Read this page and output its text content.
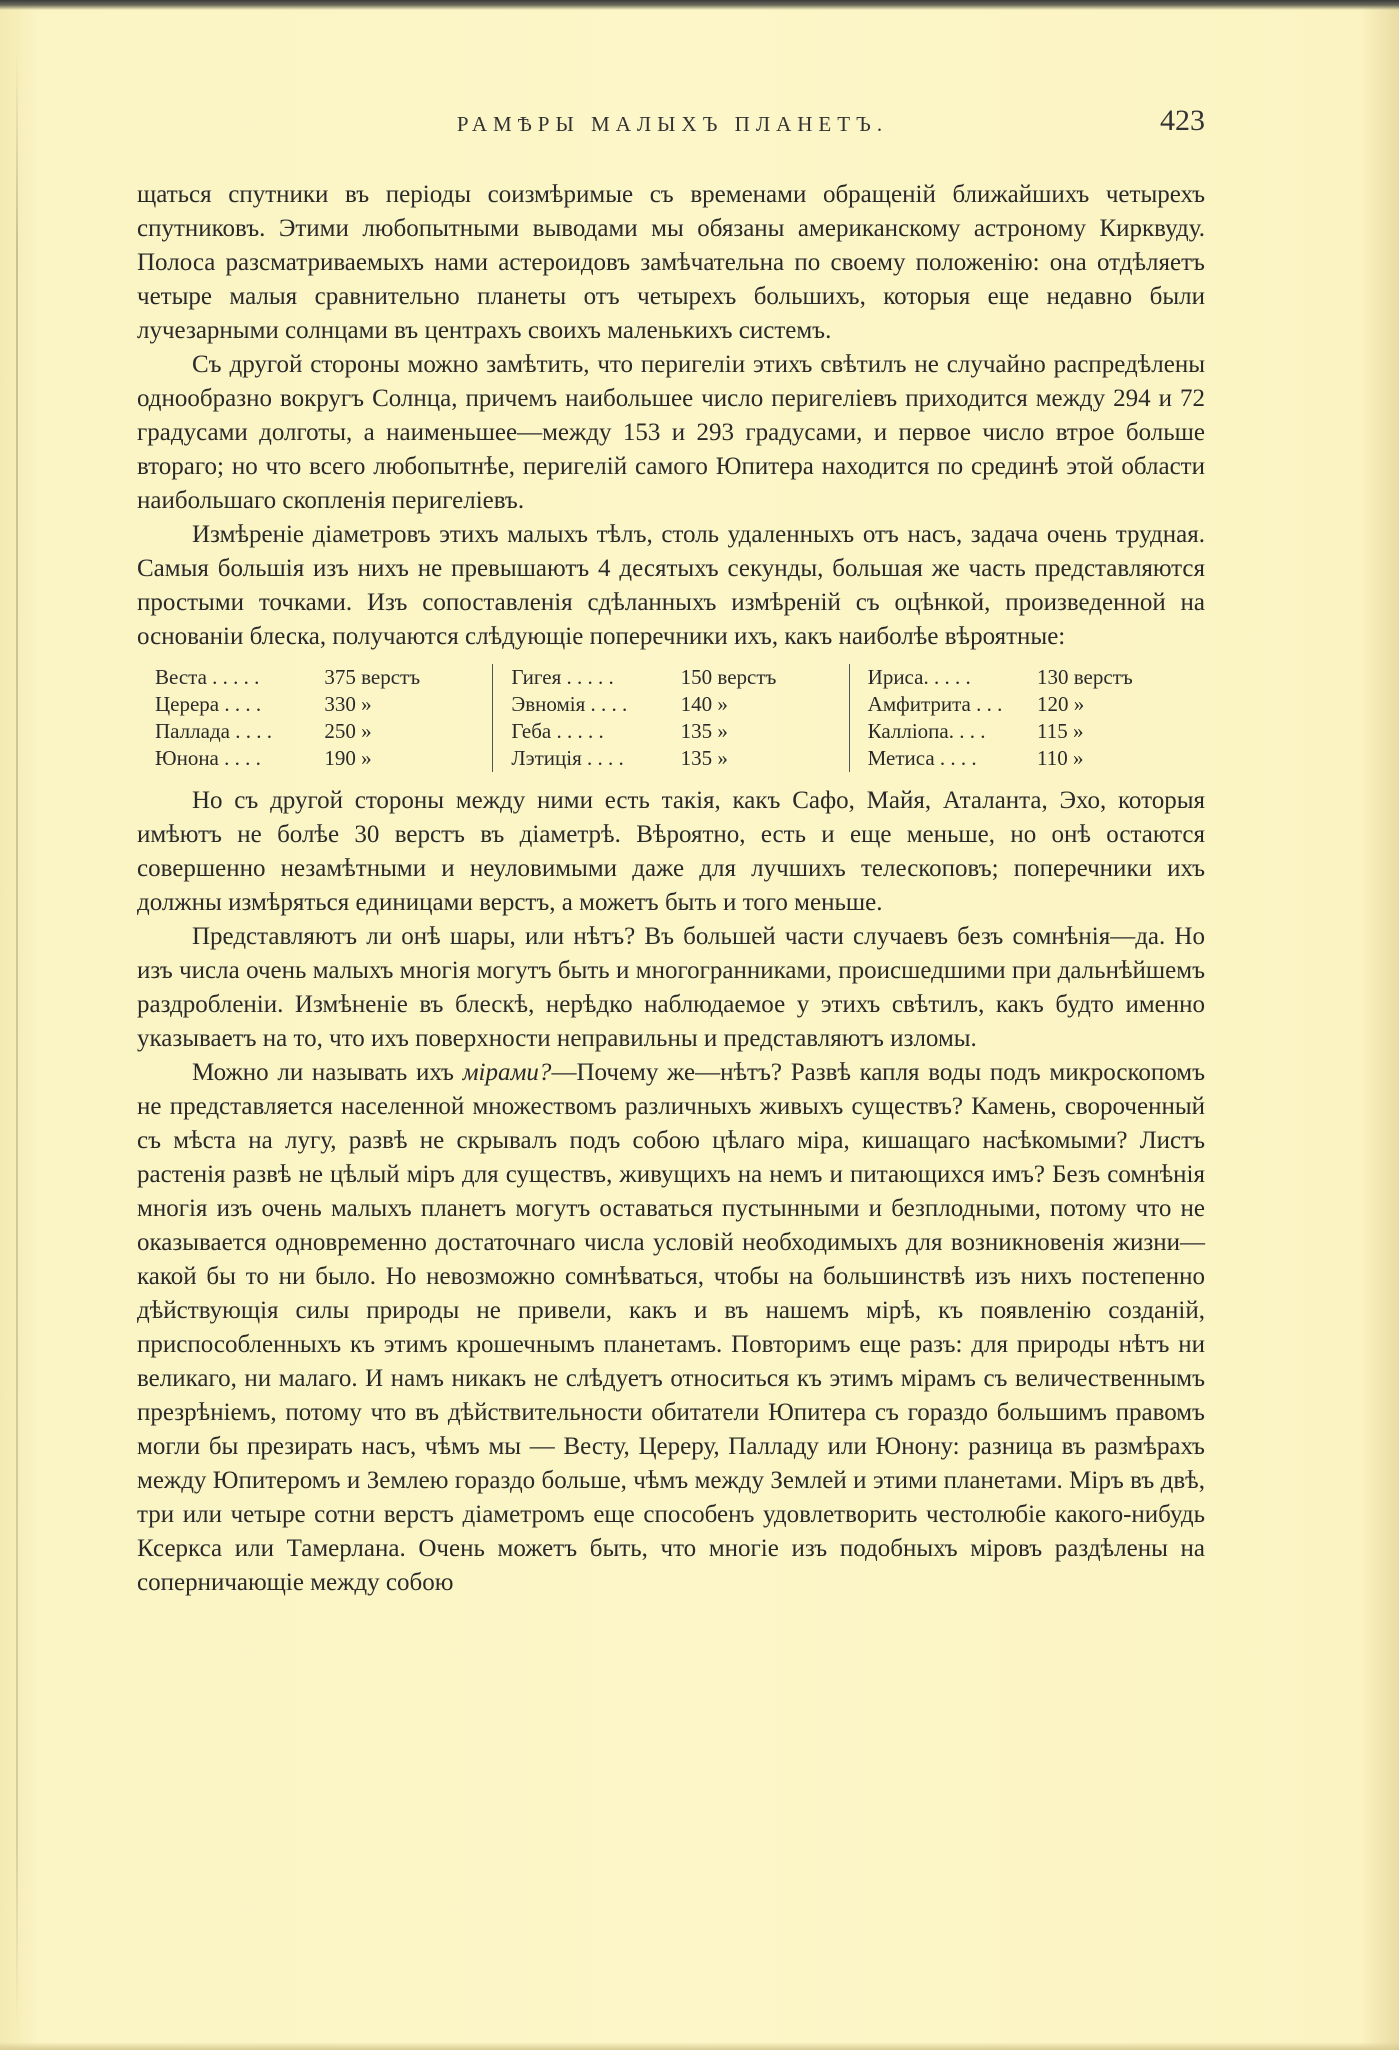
РАМѢРЫ МАЛЫХЪ ПЛАНЕТЪ.	423

щаться спутники въ періоды соизмѣримые съ временами обращеній ближайшихъ четырехъ спутниковъ. Этими любопытными выводами мы обязаны американскому астроному Кирквуду. Полоса разсматриваемыхъ нами астероидовъ замѣчательна по своему положенію: она отдѣляетъ четыре малыя сравнительно планеты отъ четырехъ большихъ, которыя еще недавно были лучезарными солнцами въ центрахъ своихъ маленькихъ системъ.

Съ другой стороны можно замѣтить, что перигеліи этихъ свѣтилъ не случайно распредѣлены однообразно вокругъ Солнца, причемъ наибольшее число перигеліевъ приходится между 294 и 72 градусами долготы, а наименьшее—между 153 и 293 градусами, и первое число втрое больше втораго; но что всего любопытнѣе, перигелій самого Юпитера находится по срединѣ этой области наибольшаго скопленія перигеліевъ.

Измѣреніе діаметровъ этихъ малыхъ тѣлъ, столь удаленныхъ отъ насъ, задача очень трудная. Самыя большія изъ нихъ не превышаютъ 4 десятыхъ секунды, большая же часть представляются простыми точками. Изъ сопоставленія сдѣланныхъ измѣреній съ оцѣнкой, произведенной на основаніи блеска, получаются слѣдующіе поперечники ихъ, какъ наиболѣе вѣроятные:

Веста . . . . .	375 верстъ
Церера . . . .	330 »
Паллада . . . .	250 »
Юнона . . . .	190 »
Гигея . . . . .	150 верстъ
Эвномія . . . .	140 »
Геба . . . . .	135 »
Лэтиція . . . .	135 »
Ириса. . . . .	130 верстъ
Амфитрита . . .	120 »
Каллiопа. . . .	115 »
Метиса . . . .	110 »

Но съ другой стороны между ними есть такія, какъ Сафо, Майя, Аталанта, Эхо, которыя имѣютъ не болѣе 30 верстъ въ діаметрѣ. Вѣроятно, есть и еще меньше, но онѣ остаются совершенно незамѣтными и неуловимыми даже для лучшихъ телескоповъ; поперечники ихъ должны измѣряться единицами верстъ, а можетъ быть и того меньше.

Представляютъ ли онѣ шары, или нѣтъ? Въ большей части случаевъ безъ сомнѣнія—да. Но изъ числа очень малыхъ многія могутъ быть и многогранниками, происшедшими при дальнѣйшемъ раздробленіи. Измѣненіе въ блескѣ, нерѣдко наблюдаемое у этихъ свѣтилъ, какъ будто именно указываетъ на то, что ихъ поверхности неправильны и представляютъ изломы.

Можно ли называть ихъ мірами?—Почему же—нѣтъ? Развѣ капля воды подъ микроскопомъ не представляется населенной множествомъ различныхъ живыхъ существъ? Камень, свороченный съ мѣста на лугу, развѣ не скрывалъ подъ собою цѣлаго міра, кишащаго насѣкомыми? Листъ растенія развѣ не цѣлый міръ для существъ, живущихъ на немъ и питающихся имъ? Безъ сомнѣнія многія изъ очень малыхъ планетъ могутъ оставаться пустынными и безплодными, потому что не оказывается одновременно достаточнаго числа условій необходимыхъ для возникновенія жизни—какой бы то ни было. Но невозможно сомнѣваться, чтобы на большинствѣ изъ нихъ постепенно дѣйствующія силы природы не привели, какъ и въ нашемъ мірѣ, къ появленію созданій, приспособленныхъ къ этимъ крошечнымъ планетамъ. Повторимъ еще разъ: для природы нѣтъ ни великаго, ни малаго. И намъ никакъ не слѣдуетъ относиться къ этимъ мірамъ съ величественнымъ презрѣніемъ, потому что въ дѣйствительности обитатели Юпитера съ гораздо большимъ правомъ могли бы презирать насъ, чѣмъ мы — Весту, Цереру, Палладу или Юнону: разница въ размѣрахъ между Юпитеромъ и Землею гораздо больше, чѣмъ между Землей и этими планетами. Міръ въ двѣ, три или четыре сотни верстъ діаметромъ еще способенъ удовлетворить честолюбіе какого-нибудь Ксеркса или Тамерлана. Очень можетъ быть, что многіе изъ подобныхъ міровъ раздѣлены на соперничающіе между собою
